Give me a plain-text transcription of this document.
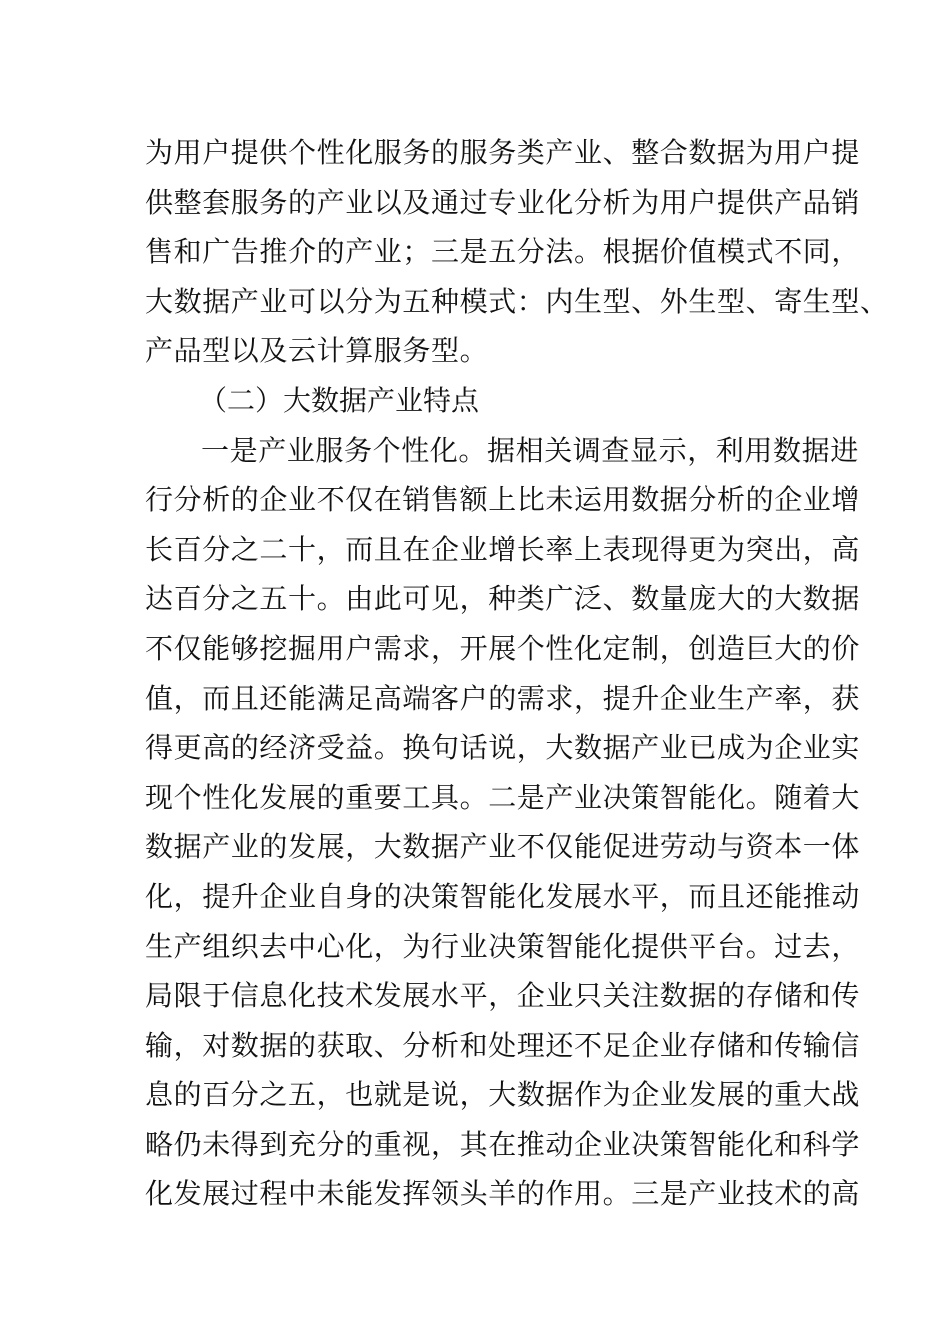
为用户提供个性化服务的服务类产业、整合数据为用户提
供整套服务的产业以及通过专业化分析为用户提供产品销
售和广告推介的产业；三是五分法。根据价值模式不同，
大数据产业可以分为五种模式：内生型、外生型、寄生型、
产品型以及云计算服务型。
（二）大数据产业特点
一是产业服务个性化。据相关调查显示，利用数据进
行分析的企业不仅在销售额上比未运用数据分析的企业增
长百分之二十，而且在企业增长率上表现得更为突出，高
达百分之五十。由此可见，种类广泛、数量庞大的大数据
不仅能够挖掘用户需求，开展个性化定制，创造巨大的价
值，而且还能满足高端客户的需求，提升企业生产率，获
得更高的经济受益。换句话说，大数据产业已成为企业实
现个性化发展的重要工具。二是产业决策智能化。随着大
数据产业的发展，大数据产业不仅能促进劳动与资本一体
化，提升企业自身的决策智能化发展水平，而且还能推动
生产组织去中心化，为行业决策智能化提供平台。过去，
局限于信息化技术发展水平，企业只关注数据的存储和传
输，对数据的获取、分析和处理还不足企业存储和传输信
息的百分之五，也就是说，大数据作为企业发展的重大战
略仍未得到充分的重视，其在推动企业决策智能化和科学
化发展过程中未能发挥领头羊的作用。三是产业技术的高
